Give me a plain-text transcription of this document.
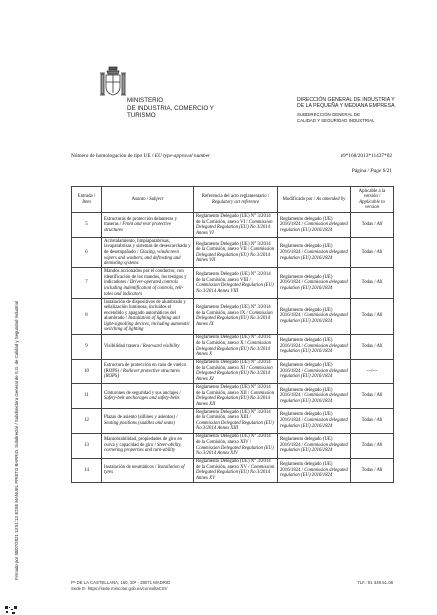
Firmado por 30/07/2021 13:51:13 JOSE MANUEL PRIETO BARRIO, Subdirector / Subdirectora General de S.G. de Calidad y Seguridad Industrial
MINISTERIO
DE INDUSTRIA, COMERCIO Y
TURISMO
DIRECCIÓN GENERAL DE INDUSTRIA Y
DE LA PEQUEÑA Y MEDIANA EMPRESA
SUBDIRECCIÓN GENERAL DE
CALIDAD Y SEGURIDAD INDUSTRIAL
Número de homologación de tipo UE / EU type-approval number	e9*168/2013*11437*02
Página / Page 6/21
Entrada / Item	Asunto / Subject	Referencia del acto reglamentario / Regulatory act reference	Modificado por / As amended by	Aplicable a la versión / Applicable to version
5	Estructuras de protección delanteras y traseras / Front and rear protective structures	Reglamento Delegado (UE) N° 3/2014 de la Comisión, anexo VI / Commission Delegated Regulation (EU) No 3/2014 Annex VI	Reglamento delegado (UE) 2016/1824 / Commission delegated regulation (EU) 2016/1824	Todas / All
6	Acristalamiento, limpiaparabrisas, lavaparabrisas y sistemas de desescarchado y de desempañado / Glazing, windscreen wipers and washers, and defrosting and demisting systems	Reglamento Delegado (UE) N° 3/2014 de la Comisión, anexo VII / Commission Delegated Regulation (EU) No 3/2014 Annex VII	Reglamento delegado (UE) 2016/1824 / Commission delegated regulation (EU) 2016/1824	Todas / All
7	Mandos accionados por el conductor, con identificación de los mandos, los testigos y indicadores / Driver-operated controls including indentification of controls, tell-tales and indicators	Reglamento Delegado (UE) N° 3/2014 de la Comisión, anexo VIII / Commission Delegated Regulation (EU) No 3/2014 Annex VIII	Reglamento delegado (UE) 2016/1824 / Commission delegated regulation (EU) 2016/1824	Todas / All
8	Instalación de dispositivos de alumbrado y señalización luminosa, incluidos el encendido y apagado automáticos del alumbrado / Installation of lighting and light-signalling devices, including automatic switching of lighting	Reglamento Delegado (UE) N° 3/2014 de la Comisión, anexo IX / Commission Delegated Regulation (EU) No 3/2014 Annex IX	Reglamento delegado (UE) 2016/1824 / Commission delegated regulation (EU) 2016/1824	Todas / All
9	Visibilidad trasera / Rearward visibility	Reglamento Delegado (UE) N° 3/2014 de la Comisión, anexo X / Commission Delegated Regulation (EU) No 3/2014 Annex X	Reglamento delegado (UE) 2016/1824 / Commission delegated regulation (EU) 2016/1824	Todas / All
10	Estructura de protección en caso de vuelco (ROPS) / Rollover protective structures (ROPS)	Reglamento Delegado (UE) N° 3/2014 de la Comisión, anexo XI / Commission Delegated Regulation (EU) No 3/2014 Annex XI	Reglamento delegado (UE) 2016/1824 / Commission delegated regulation (EU) 2016/1824	---/---
11	Cinturones de seguridad y sus anclajes / Safety-belt anchorages and safety-belts	Reglamento Delegado (UE) N° 3/2014 de la Comisión, anexo XII / Commission Delegated Regulation (EU) No 3/2014 Annex XII	Reglamento delegado (UE) 2016/1824 / Commission delegated regulation (EU) 2016/1824	Todas / All
12	Plazas de asiento (sillines y asientos) / Seating positions (saddles and seats)	Reglamento Delegado (UE) N° 3/2014 de la Comisión, anexo XIII / Commission Delegated Regulation (EU) No 3/2014 Annex XIII	Reglamento delegado (UE) 2016/1824 / Commission delegated regulation (EU) 2016/1824	Todas / All
13	Maniobrabilidad, propiedades de giro en curva y capacidad de giro / Steer-ability, cornering properties and turn-ability	Reglamento Delegado (UE) N° 3/2014 de la Comisión, anexo XIV / Commission Delegated Regulation (EU) No 3/2014 Annex XIV	Reglamento delegado (UE) 2016/1824 / Commission delegated regulation (EU) 2016/1824	Todas / All
14	Instalación de neumáticos / Installation of tyres	Reglamento Delegado (UE) N° 3/2014 de la Comisión, anexo XV / Commission Delegated Regulation (EU) No 3/2014 Annex XV	Reglamento delegado (UE) 2016/1824 / Commission delegated regulation (EU) 2016/1824	Todas / All
Pº DE LA CASTELLANA, 160, 10ª - 28071 MADRID	TLF.: 91 349.51.08
Sede E- https://sede.mincotur.gob.es/consultaCSV
